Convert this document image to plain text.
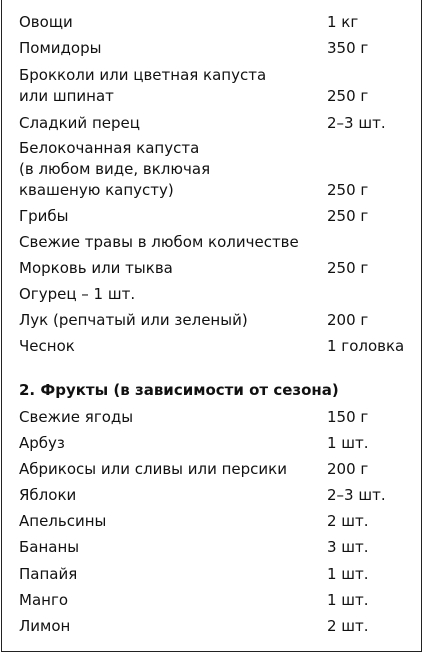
Овощи	1 кг
Помидоры	350 г
Брокколи или цветная капуста
или шпинат	250 г
Сладкий перец	2–3 шт.
Белокочанная капуста
(в любом виде, включая
квашеную капусту)	250 г
Грибы	250 г
Свежие травы в любом количестве
Морковь или тыква	250 г
Огурец – 1 шт.
Лук (репчатый или зеленый)	200 г
Чеснок	1 головка
2. Фрукты (в зависимости от сезона)
Свежие ягоды	150 г
Арбуз	1 шт.
Абрикосы или сливы или персики	200 г
Яблоки	2–3 шт.
Апельсины	2 шт.
Бананы	3 шт.
Папайя	1 шт.
Манго	1 шт.
Лимон	2 шт.
